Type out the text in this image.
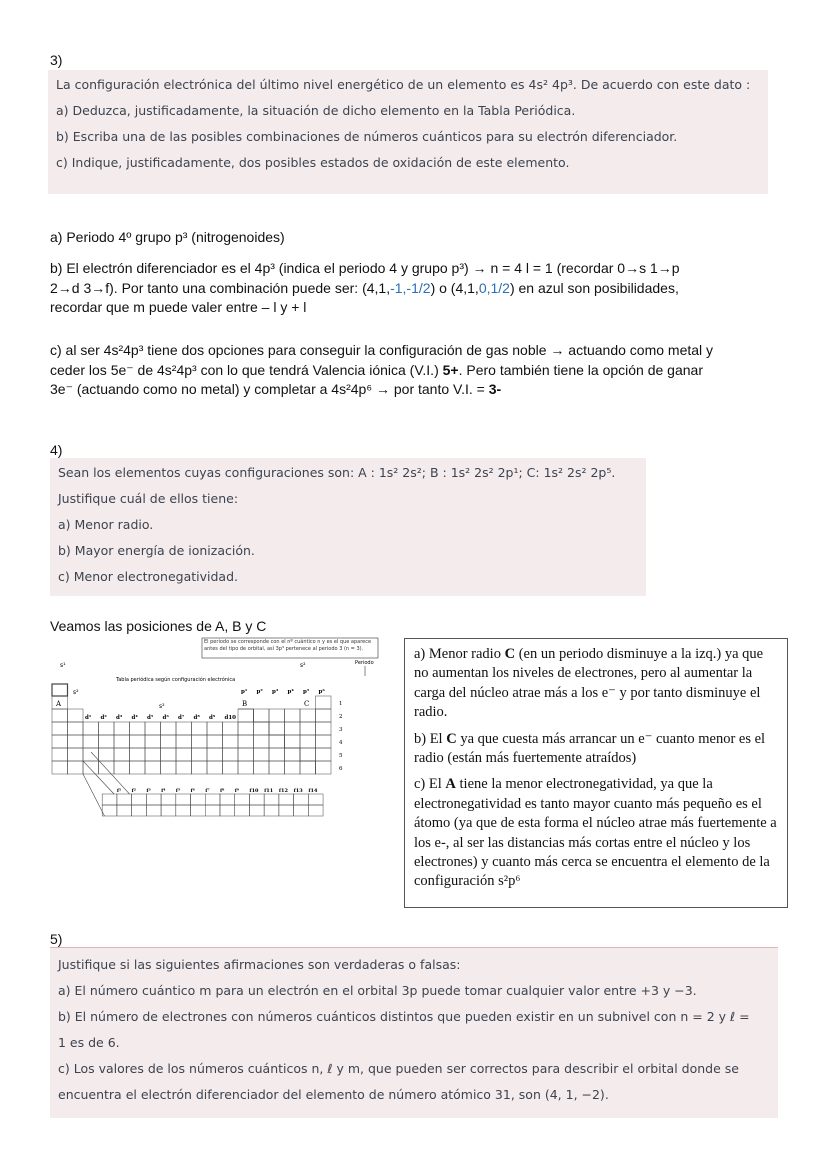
3)
La configuración electrónica del último nivel energético de un elemento es 4s² 4p³. De acuerdo con este dato :
a) Deduzca, justificadamente, la situación de dicho elemento en la Tabla Periódica.
b) Escriba una de las posibles combinaciones de números cuánticos para su electrón diferenciador.
c) Indique, justificadamente, dos posibles estados de oxidación de este elemento.
a) Periodo 4º grupo p³ (nitrogenoides)

b) El electrón diferenciador es el 4p³ (indica el periodo 4 y grupo p³) → n = 4 l = 1 (recordar 0→s 1→p

2→d 3→f). Por tanto una combinación puede ser: (4,1,-1,-1/2) o (4,1,0,1/2) en azul son posibilidades,

recordar que m puede valer entre – l y + l

c) al ser 4s²4p³ tiene dos opciones para conseguir la configuración de gas noble → actuando como metal y

ceder los 5e⁻ de 4s²4p³ con lo que tendrá Valencia iónica (V.I.) 5+. Pero también tiene la opción de ganar

3e⁻ (actuando como no metal) y completar a 4s²4p⁶ → por tanto V.I. = 3-

4)
Sean los elementos cuyas configuraciones son: A : 1s² 2s²; B : 1s² 2s² 2p¹; C: 1s² 2s² 2p⁵.
Justifique cuál de ellos tiene:
a) Menor radio.
b) Mayor energía de ionización.
c) Menor electronegatividad.
Veamos las posiciones de A, B y C
El periodo se corresponde con el nº cuántico n y es el que aparece antes del tipo de orbital, así 3p³ pertenece al periodo 3 (n = 3).
s¹	s²	Periodo
Tabla periódica según configuración electrónica
s²
s²
p¹ p² p³ p⁴ p⁵ p⁶
d¹ d² d³ d⁴ d⁵ d⁶ d⁷ d⁸ d⁹ d10
f¹ f² f³ f⁴ f⁵ f⁶ f⁷ f⁸ f⁹ f10 f11 f12 f13 f14
1
2
3
4
5
6
A	B	C

a) Menor radio C (en un periodo disminuye a la izq.) ya que no aumentan los niveles de electrones, pero al aumentar la carga del núcleo atrae más a los e⁻ y por tanto disminuye el radio.

b) El C ya que cuesta más arrancar un e⁻ cuanto menor es el radio (están más fuertemente atraídos)

c) El A tiene la menor electronegatividad, ya que la electronegatividad es tanto mayor cuanto más pequeño es el átomo (ya que de esta forma el núcleo atrae más fuertemente a los e-, al ser las distancias más cortas entre el núcleo y los electrones) y cuanto más cerca se encuentra el elemento de la configuración s²p⁶

5)
Justifique si las siguientes afirmaciones son verdaderas o falsas:
a) El número cuántico m para un electrón en el orbital 3p puede tomar cualquier valor entre +3 y −3.
b) El número de electrones con números cuánticos distintos que pueden existir en un subnivel con n = 2 y ℓ =
1 es de 6.
c) Los valores de los números cuánticos n, ℓ y m, que pueden ser correctos para describir el orbital donde se
encuentra el electrón diferenciador del elemento de número atómico 31, son (4, 1, −2).
